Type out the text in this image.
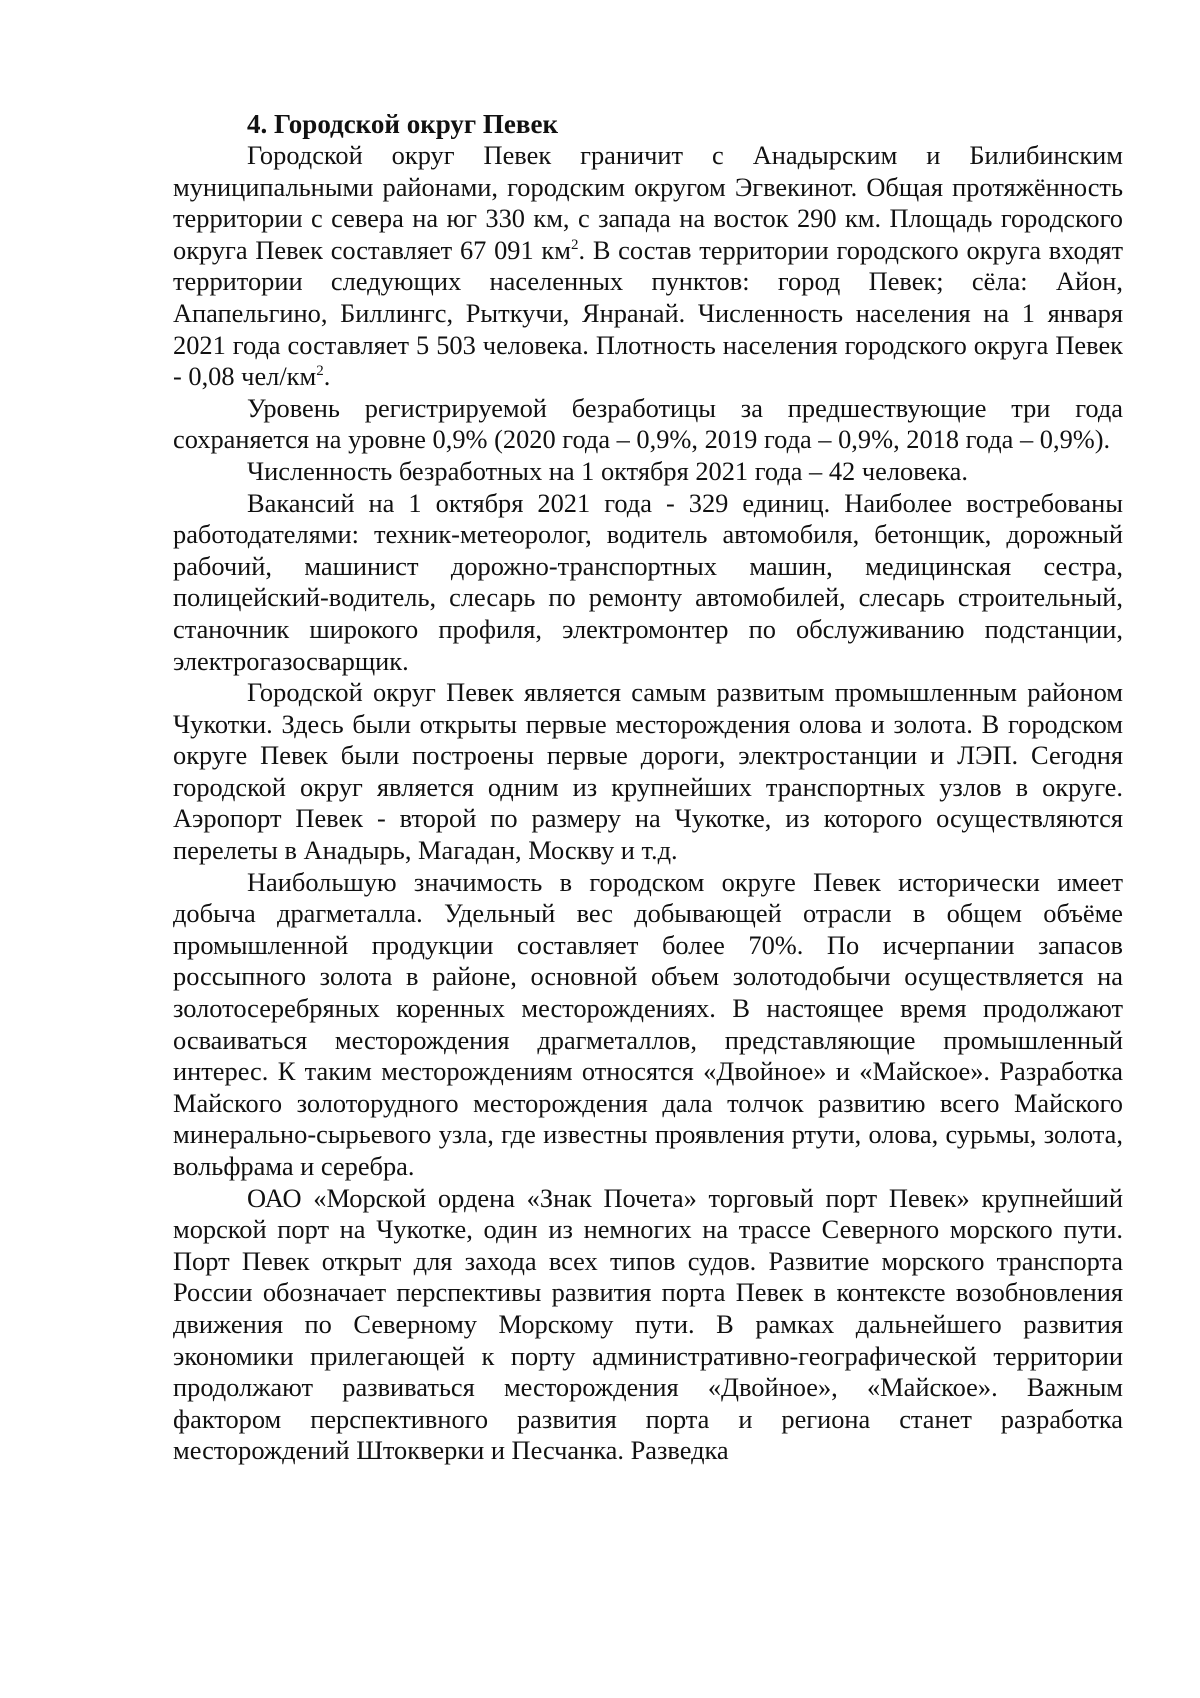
4. Городской округ Певек

Городской округ Певек граничит с Анадырским и Билибинским муниципальными районами, городским округом Эгвекинот. Общая протяжённость территории с севера на юг 330 км, с запада на восток 290 км. Площадь городского округа Певек составляет 67 091 $км^2$. В состав территории городского округа входят территории следующих населенных пунктов: город Певек; сёла: Айон, Апапельгино, Биллингс, Рыткучи, Янранай. Численность населения на 1 января 2021 года составляет 5 503 человека. Плотность населения городского округа Певек - 0,08 чел/$км^2$.

Уровень регистрируемой безработицы за предшествующие три года сохраняется на уровне 0,9% (2020 года – 0,9%, 2019 года – 0,9%, 2018 года – 0,9%).

Численность безработных на 1 октября 2021 года – 42 человека.

Вакансий на 1 октября 2021 года - 329 единиц. Наиболее востребованы работодателями: техник-метеоролог, водитель автомобиля, бетонщик, дорожный рабочий, машинист дорожно-транспортных машин, медицинская сестра, полицейский-водитель, слесарь по ремонту автомобилей, слесарь строительный, станочник широкого профиля, электромонтер по обслуживанию подстанции, электрогазосварщик.

Городской округ Певек является самым развитым промышленным районом Чукотки. Здесь были открыты первые месторождения олова и золота. В городском округе Певек были построены первые дороги, электростанции и ЛЭП. Сегодня городской округ является одним из крупнейших транспортных узлов в округе. Аэропорт Певек - второй по размеру на Чукотке, из которого осуществляются перелеты в Анадырь, Магадан, Москву и т.д.

Наибольшую значимость в городском округе Певек исторически имеет добыча драгметалла. Удельный вес добывающей отрасли в общем объёме промышленной продукции составляет более 70%. По исчерпании запасов россыпного золота в районе, основной объем золотодобычи осуществляется на золотосеребряных коренных месторождениях. В настоящее время продолжают осваиваться месторождения драгметаллов, представляющие промышленный интерес. К таким месторождениям относятся «Двойное» и «Майское». Разработка Майского золоторудного месторождения дала толчок развитию всего Майского минерально-сырьевого узла, где известны проявления ртути, олова, сурьмы, золота, вольфрама и серебра.

ОАО «Морской ордена «Знак Почета» торговый порт Певек» крупнейший морской порт на Чукотке, один из немногих на трассе Северного морского пути. Порт Певек открыт для захода всех типов судов. Развитие морского транспорта России обозначает перспективы развития порта Певек в контексте возобновления движения по Северному Морскому пути. В рамках дальнейшего развития экономики прилегающей к порту административно-географической территории продолжают развиваться месторождения «Двойное», «Майское». Важным фактором перспективного развития порта и региона станет разработка месторождений Штокверки и Песчанка. Разведка
